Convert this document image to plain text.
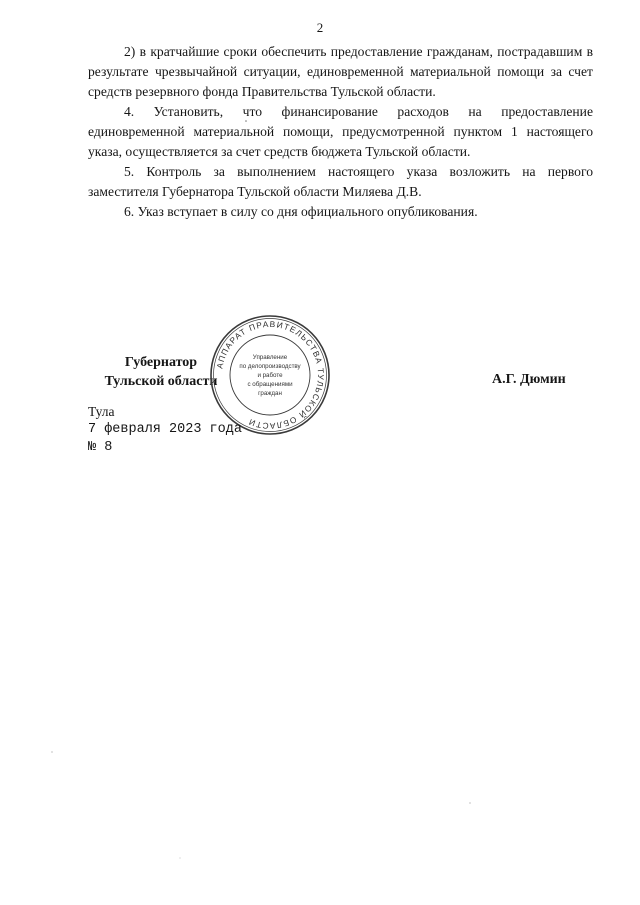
2

2) в кратчайшие сроки обеспечить предоставление гражданам, пострадавшим в результате чрезвычайной ситуации, единовременной материальной помощи за счет средств резервного фонда Правительства Тульской области.

4. Установить, что финансирование расходов на предоставление единовременной материальной помощи, предусмотренной пунктом 1 настоящего указа, осуществляется за счет средств бюджета Тульской области.

5. Контроль за выполнением настоящего указа возложить на первого заместителя Губернатора Тульской области Миляева Д.В.

6. Указ вступает в силу со дня официального опубликования.

Губернатор
Тульской области
АППАРАТ ПРАВИТЕЛЬСТВА ТУЛЬСКОЙ ОБЛАСТИ
Управление
по делопроизводству
и работе
с обращениями
граждан
А.Г. Дюмин
Тула
7 февраля 2023 года
№ 8
